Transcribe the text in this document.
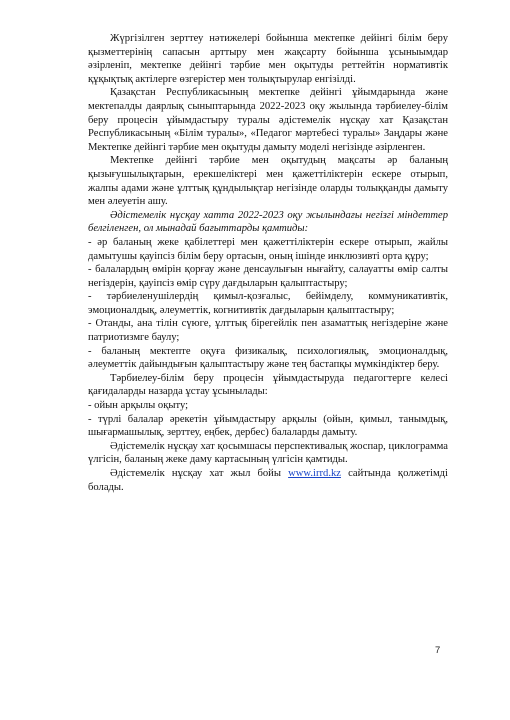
Жүргізілген зерттеу нәтижелері бойынша мектепке дейінгі білім беру қызметтерінің сапасын арттыру мен жақсарту бойынша ұсыныымдар әзірленіп, мектепке дейінгі тәрбие мен оқытуды реттейтін нормативтік құқықтық актілерге өзгерістер мен толықтырулар енгізілді.

Қазақстан Республикасының мектепке дейінгі ұйымдарында және мектепалды даярлық сыныптарында 2022-2023 оқу жылында тәрбиелеу-білім беру процесін ұйымдастыру туралы әдістемелік нұсқау хат Қазақстан Республикасының «Білім туралы», «Педагог мәртебесі туралы» Заңдары және Мектепке дейінгі тәрбие мен оқытуды дамыту моделі негізінде әзірленген.

Мектепке дейінгі тәрбие мен оқытудың мақсаты әр баланың қызығушылықтарын, ерекшеліктері мен қажеттіліктерін ескере отырып, жалпы адами және ұлттық құндылықтар негізінде оларды толыққанды дамыту мен әлеуетін ашу.

Әдістемелік нұсқау хатта 2022-2023 оқу жылындағы негізгі міндеттер белгіленген, ол мынадай бағыттарды қамтиды:

- әр баланың жеке қабілеттері мен қажеттіліктерін ескере отырып, жайлы дамытушы қауіпсіз білім беру ортасын, оның ішінде инклюзивті орта құру;

- балалардың өмірін қорғау және денсаулығын нығайту, салауатты өмір салты негіздерін, қауіпсіз өмір сүру дағдыларын қалыптастыру;

- тәрбиеленушілердің қимыл-қозғалыс, бейімделу, коммуникативтік, эмоционалдық, әлеуметтік, когнитивтік дағдыларын қалыптастыру;

- Отанды, ана тілін сүюге, ұлттық бірегейлік пен азаматтық негіздеріне және патриотизмге баулу;

- баланың мектепте оқуға физикалық, психологиялық, эмоционалдық, әлеуметтік дайындығын қалыптастыру және тең бастапқы мүмкіндіктер беру.

Тәрбиелеу-білім беру процесін ұйымдастыруда педагогтерге келесі қағидаларды назарда ұстау ұсынылады:

- ойын арқылы оқыту;

- түрлі балалар әрекетін ұйымдастыру арқылы (ойын, қимыл, танымдық, шығармашылық, зерттеу, еңбек, дербес) балаларды дамыту.

Әдістемелік нұсқау хат қосымшасы перспективалық жоспар, циклограмма үлгісін, баланың жеке даму картасының үлгісін қамтиды.

Әдістемелік нұсқау хат жыл бойы www.irrd.kz сайтында қолжетімді болады.

7
